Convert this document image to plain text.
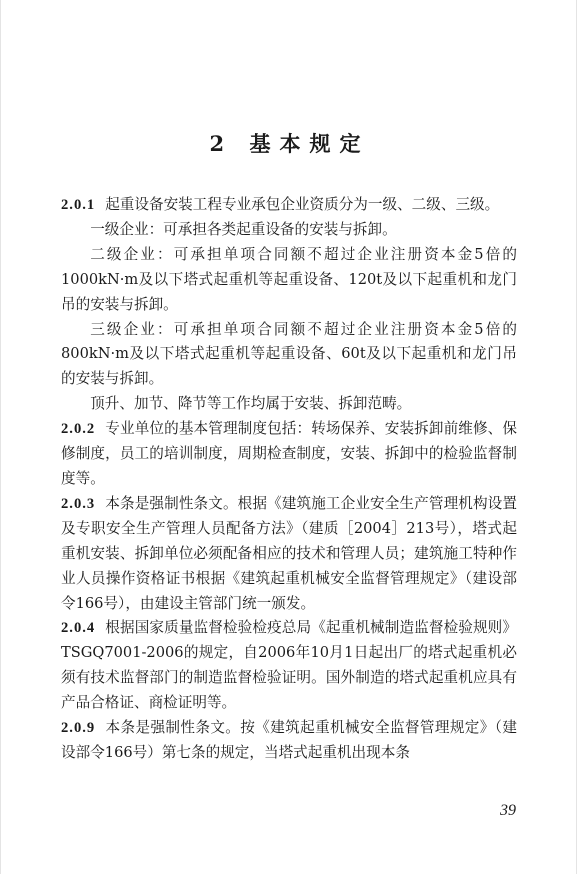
2 基本规定

2.0.1 起重设备安装工程专业承包企业资质分为一级、二级、三级。

一级企业：可承担各类起重设备的安装与拆卸。

二级企业：可承担单项合同额不超过企业注册资本金5倍的1000kN·m及以下塔式起重机等起重设备、120t及以下起重机和龙门吊的安装与拆卸。

三级企业：可承担单项合同额不超过企业注册资本金5倍的800kN·m及以下塔式起重机等起重设备、60t及以下起重机和龙门吊的安装与拆卸。

顶升、加节、降节等工作均属于安装、拆卸范畴。

2.0.2 专业单位的基本管理制度包括：转场保养、安装拆卸前维修、保修制度，员工的培训制度，周期检查制度，安装、拆卸中的检验监督制度等。

2.0.3 本条是强制性条文。根据《建筑施工企业安全生产管理机构设置及专职安全生产管理人员配备方法》（建质［2004］213号），塔式起重机安装、拆卸单位必须配备相应的技术和管理人员；建筑施工特种作业人员操作资格证书根据《建筑起重机械安全监督管理规定》（建设部令166号），由建设主管部门统一颁发。

2.0.4 根据国家质量监督检验检疫总局《起重机械制造监督检验规则》TSGQ7001-2006的规定，自2006年10月1日起出厂的塔式起重机必须有技术监督部门的制造监督检验证明。国外制造的塔式起重机应具有产品合格证、商检证明等。

2.0.9 本条是强制性条文。按《建筑起重机械安全监督管理规定》（建设部令166号）第七条的规定，当塔式起重机出现本条

39
